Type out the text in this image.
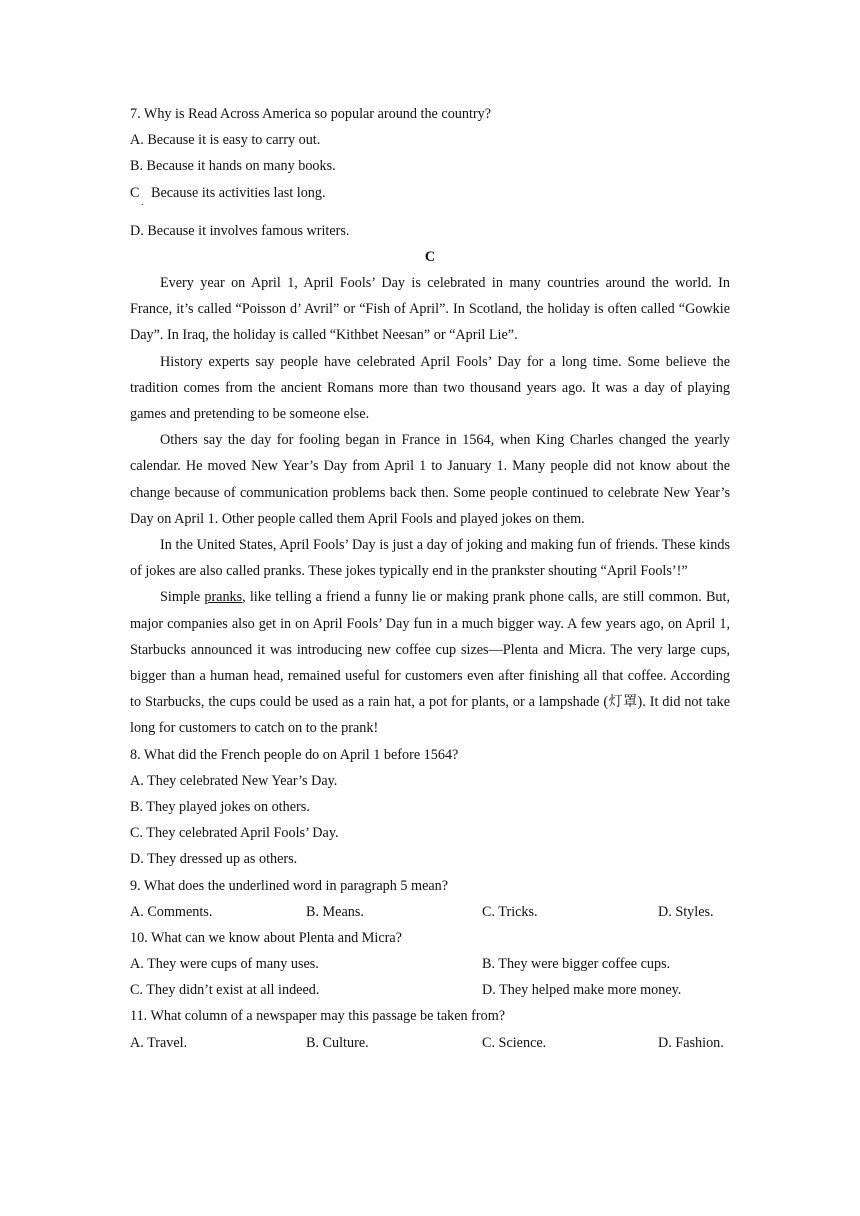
7. Why is Read Across America so popular around the country?
A. Because it is easy to carry out.
B. Because it hands on many books.
C
.
Because its activities last long.
D. Because it involves famous writers.
C

Every year on April 1, April Fools’ Day is celebrated in many countries around the world. In France, it’s called “Poisson d’ Avril” or “Fish of April”. In Scotland, the holiday is often called “Gowkie Day”. In Iraq, the holiday is called “Kithbet Neesan” or “April Lie”.

History experts say people have celebrated April Fools’ Day for a long time. Some believe the tradition comes from the ancient Romans more than two thousand years ago. It was a day of playing games and pretending to be someone else.

Others say the day for fooling began in France in 1564, when King Charles changed the yearly calendar. He moved New Year’s Day from April 1 to January 1. Many people did not know about the change because of communication problems back then. Some people continued to celebrate New Year’s Day on April 1. Other people called them April Fools and played jokes on them.

In the United States, April Fools’ Day is just a day of joking and making fun of friends. These kinds of jokes are also called pranks. These jokes typically end in the prankster shouting “April Fools’!”

Simple pranks, like telling a friend a funny lie or making prank phone calls, are still common. But, major companies also get in on April Fools’ Day fun in a much bigger way. A few years ago, on April 1, Starbucks announced it was introducing new coffee cup sizes—Plenta and Micra. The very large cups, bigger than a human head, remained useful for customers even after finishing all that coffee. According to Starbucks, the cups could be used as a rain hat, a pot for plants, or a lampshade (灯罩). It did not take long for customers to catch on to the prank!

8. What did the French people do on April 1 before 1564?
A. They celebrated New Year’s Day.
B. They played jokes on others.
C. They celebrated April Fools’ Day.
D. They dressed up as others.
9. What does the underlined word in paragraph 5 mean?
A. Comments.	B. Means.	C. Tricks.	D. Styles.
10. What can we know about Plenta and Micra?
A. They were cups of many uses.	B. They were bigger coffee cups.
C. They didn’t exist at all indeed.	D. They helped make more money.
11. What column of a newspaper may this passage be taken from?
A. Travel.	B. Culture.	C. Science.	D. Fashion.
